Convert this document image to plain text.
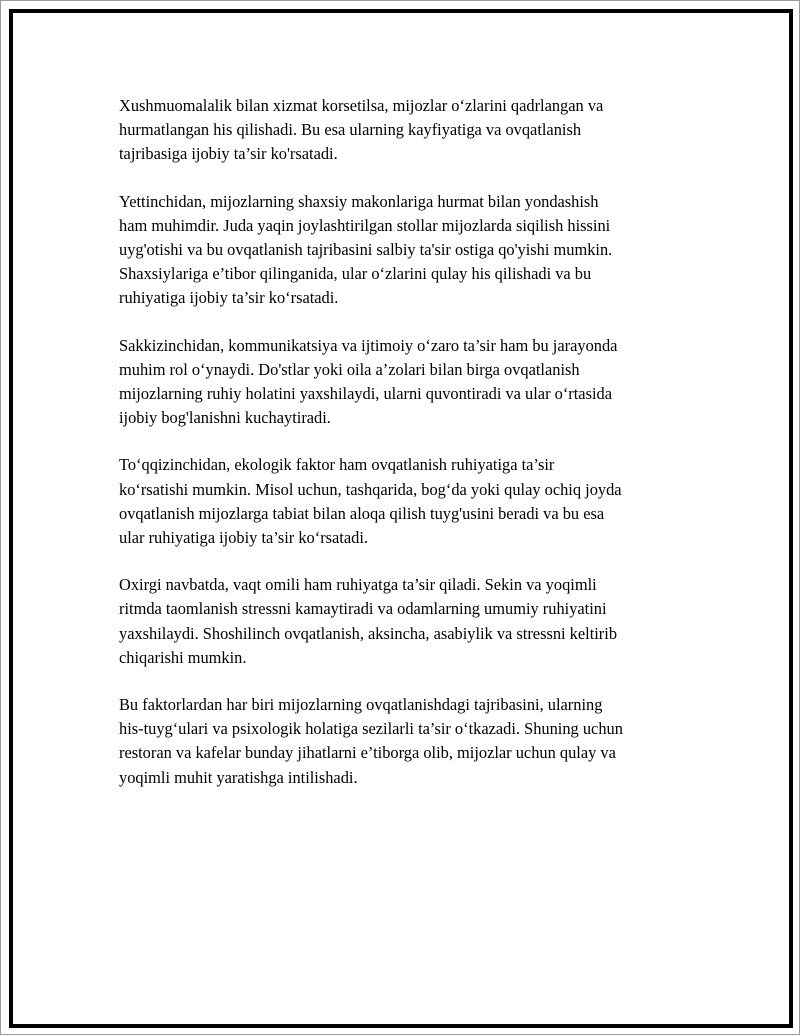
Xushmuomalalik bilan xizmat korsetilsa, mijozlar o‘zlarini qadrlangan va
hurmatlangan his qilishadi. Bu esa ularning kayfiyatiga va ovqatlanish
tajribasiga ijobiy ta’sir ko'rsatadi.

Yettinchidan, mijozlarning shaxsiy makonlariga hurmat bilan yondashish
ham muhimdir. Juda yaqin joylashtirilgan stollar mijozlarda siqilish hissini
uyg'otishi va bu ovqatlanish tajribasini salbiy ta'sir ostiga qo'yishi mumkin.
Shaxsiylariga e’tibor qilinganida, ular o‘zlarini qulay his qilishadi va bu
ruhiyatiga ijobiy ta’sir ko‘rsatadi.

Sakkizinchidan, kommunikatsiya va ijtimoiy o‘zaro ta’sir ham bu jarayonda
muhim rol o‘ynaydi. Do'stlar yoki oila a’zolari bilan birga ovqatlanish
mijozlarning ruhiy holatini yaxshilaydi, ularni quvontiradi va ular o‘rtasida
ijobiy bog'lanishni kuchaytiradi.

To‘qqizinchidan, ekologik faktor ham ovqatlanish ruhiyatiga ta’sir
ko‘rsatishi mumkin. Misol uchun, tashqarida, bog‘da yoki qulay ochiq joyda
ovqatlanish mijozlarga tabiat bilan aloqa qilish tuyg'usini beradi va bu esa
ular ruhiyatiga ijobiy ta’sir ko‘rsatadi.

Oxirgi navbatda, vaqt omili ham ruhiyatga ta’sir qiladi. Sekin va yoqimli
ritmda taomlanish stressni kamaytiradi va odamlarning umumiy ruhiyatini
yaxshilaydi. Shoshilinch ovqatlanish, aksincha, asabiylik va stressni keltirib
chiqarishi mumkin.

Bu faktorlardan har biri mijozlarning ovqatlanishdagi tajribasini, ularning
his-tuyg‘ulari va psixologik holatiga sezilarli ta’sir o‘tkazadi. Shuning uchun
restoran va kafelar bunday jihatlarni e’tiborga olib, mijozlar uchun qulay va
yoqimli muhit yaratishga intilishadi.
